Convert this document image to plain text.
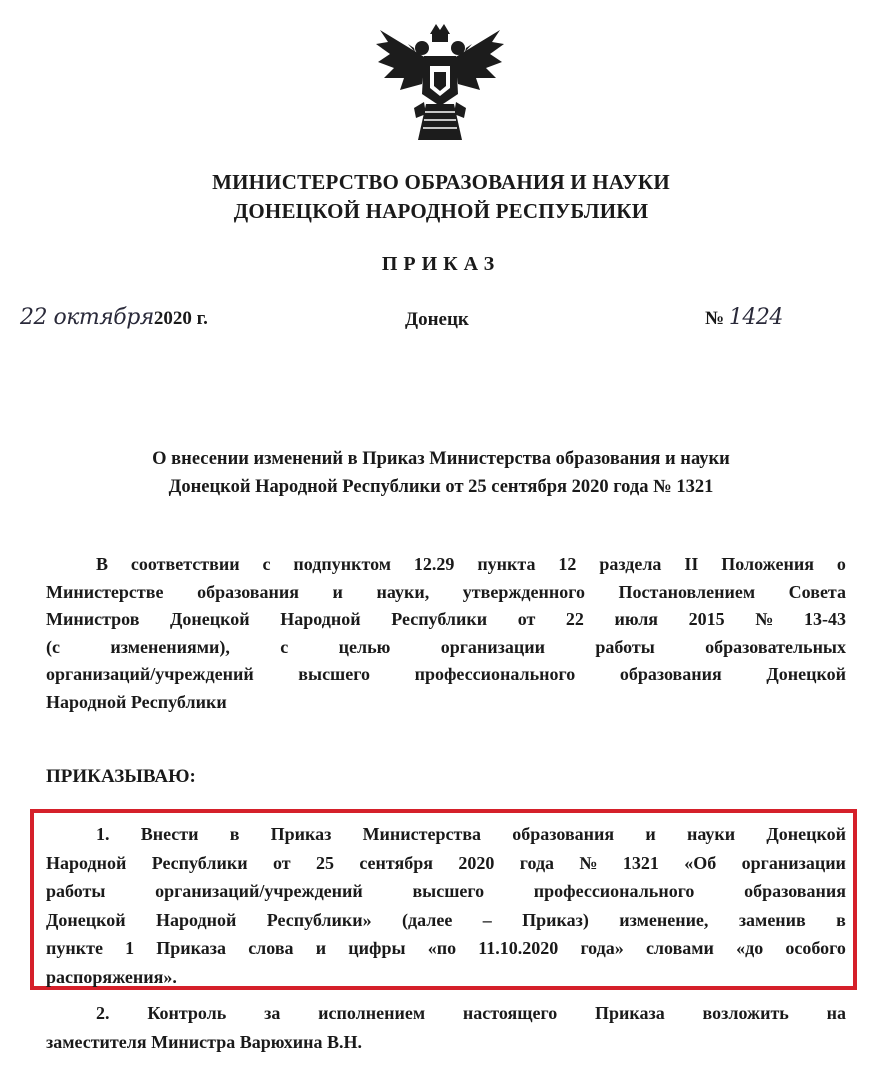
МИНИСТЕРСТВО ОБРАЗОВАНИЯ И НАУКИ
ДОНЕЦКОЙ НАРОДНОЙ РЕСПУБЛИКИ
ПРИКАЗ
22 октября2020 г.	Донецк	№ 1424
О внесении изменений в Приказ Министерства образования и науки
Донецкой Народной Республики от 25 сентября 2020 года № 1321
В соответствии с подпунктом 12.29 пункта 12 раздела II Положения о
Министерстве образования и науки, утвержденного Постановлением Совета
Министров Донецкой Народной Республики от 22 июля 2015 № 13-43
(с	изменениями),	с	целью	организации	работы	образовательных
организаций/учреждений высшего профессионального образования Донецкой
Народной Республики
ПРИКАЗЫВАЮ:
1. Внести в Приказ Министерства образования и науки Донецкой
Народной Республики от 25 сентября 2020 года № 1321 «Об организации
работы	организаций/учреждений	высшего	профессионального	образования
Донецкой Народной Республики» (далее – Приказ) изменение, заменив в
пункте 1 Приказа слова и цифры «по 11.10.2020 года» словами «до особого
распоряжения».
2. Контроль за исполнением настоящего Приказа возложить на
заместителя Министра Варюхина В.Н.
